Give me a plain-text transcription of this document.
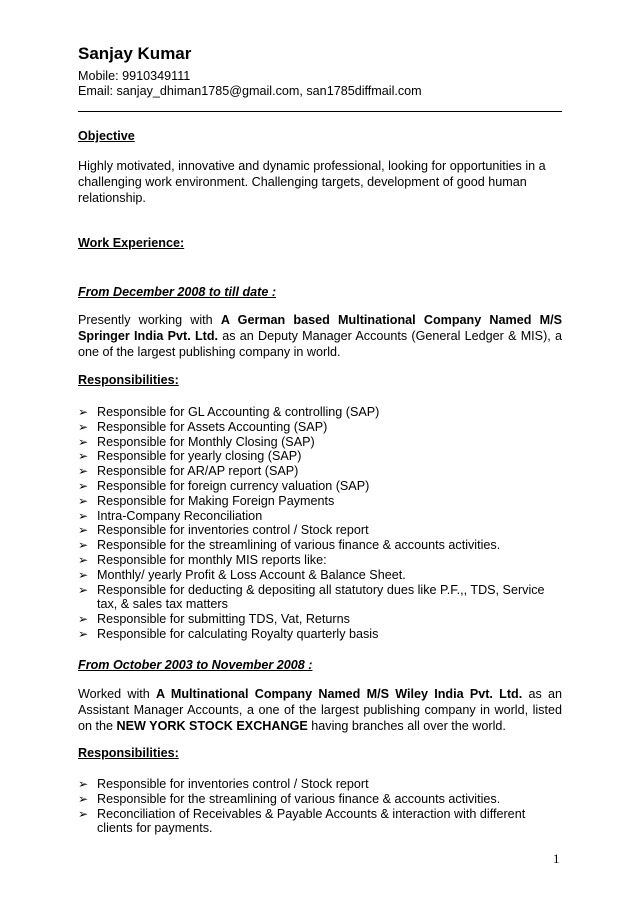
Sanjay Kumar
Mobile: 9910349111
Email: sanjay_dhiman1785@gmail.com, san1785diffmail.com
Objective
Highly motivated, innovative and dynamic professional, looking for opportunities in a challenging work environment. Challenging targets, development of good human relationship.
Work Experience:
From December 2008 to till date :
Presently working with A German based Multinational Company Named M/S Springer India Pvt. Ltd. as an Deputy Manager Accounts (General Ledger & MIS), a one of the largest publishing company in world.
Responsibilities:
➢ Responsible for GL Accounting & controlling (SAP)
➢ Responsible for Assets Accounting (SAP)
➢ Responsible for Monthly Closing (SAP)
➢ Responsible for yearly closing (SAP)
➢ Responsible for AR/AP report (SAP)
➢ Responsible for foreign currency valuation (SAP)
➢ Responsible for Making Foreign Payments
➢ Intra-Company Reconciliation
➢ Responsible for inventories control / Stock report
➢ Responsible for the streamlining of various finance & accounts activities.
➢ Responsible for monthly MIS reports like:
➢ Monthly/ yearly Profit & Loss Account & Balance Sheet.
➢ Responsible for deducting & depositing all statutory dues like P.F.,, TDS, Service tax, & sales tax matters
➢ Responsible for submitting TDS, Vat, Returns
➢ Responsible for calculating Royalty quarterly basis
From October 2003 to November 2008 :
Worked with A Multinational Company Named M/S Wiley India Pvt. Ltd. as an Assistant Manager Accounts, a one of the largest publishing company in world, listed on the NEW YORK STOCK EXCHANGE having branches all over the world.
Responsibilities:
➢ Responsible for inventories control / Stock report
➢ Responsible for the streamlining of various finance & accounts activities.
➢ Reconciliation of Receivables & Payable Accounts & interaction with different clients for payments.
1
